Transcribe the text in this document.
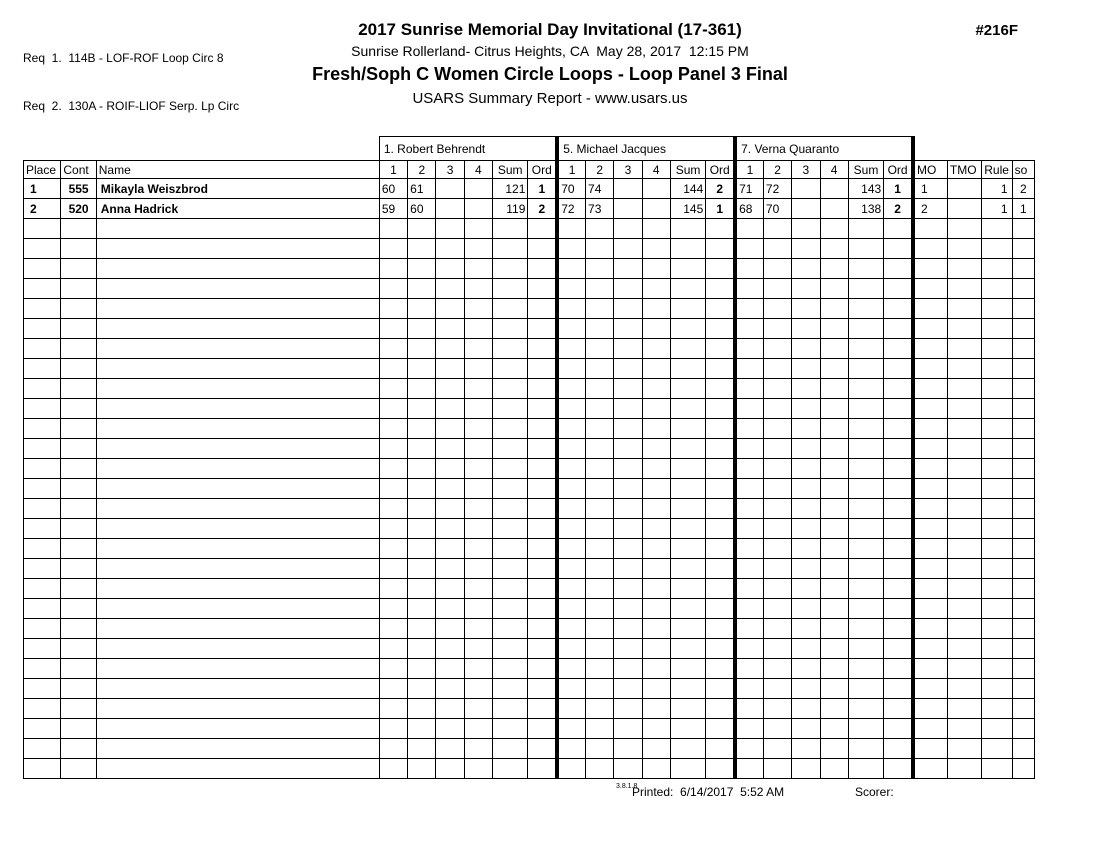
Req  1.  114B - LOF-ROF Loop Circ 8

Req  2.  130A - ROIF-LIOF Serp. Lp Circ

2017 Sunrise Memorial Day Invitational (17-361)
Sunrise Rollerland- Citrus Heights, CA  May 28, 2017  12:15 PM
Fresh/Soph C Women Circle Loops - Loop Panel 3 Final
USARS Summary Report - www.usars.us
#216F
			1. Robert Behrendt						5. Michael Jacques						7. Verna Quaranto									
Place	Cont	Name	1	2	3	4	Sum	Ord	1	2	3	4	Sum	Ord	1	2	3	4	Sum	Ord	MO	TMO	Rule	so
1	555	Mikayla Weiszbrod	60	61			121	1	70	74			144	2	71	72			143	1	1		1	2
2	520	Anna Hadrick	59	60			119	2	72	73			145	1	68	70			138	2	2		1	1

3.8.1.8
Printed:  6/14/2017  5:52 AM	Scorer:
